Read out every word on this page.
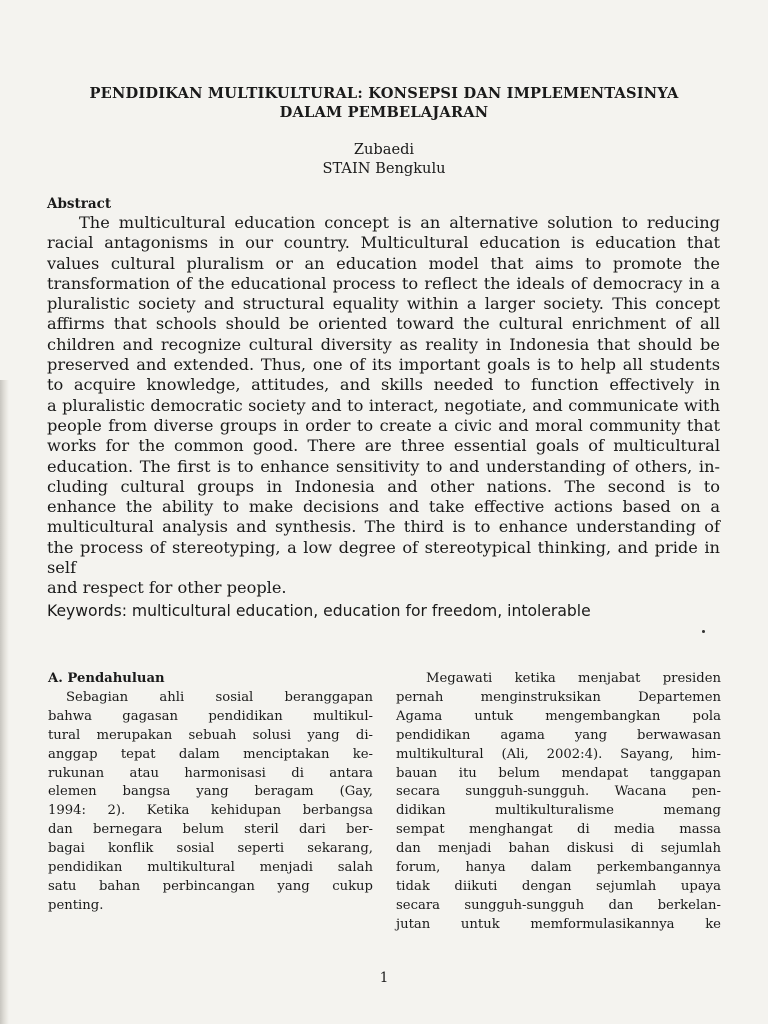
PENDIDIKAN MULTIKULTURAL: KONSEPSI DAN IMPLEMENTASINYA
DALAM PEMBELAJARAN
Zubaedi
STAIN Bengkulu
Abstract
The multicultural education concept is an alternative solution to reducing
racial antagonisms in our country. Multicultural education is education that
values cultural pluralism or an education model that aims to promote the
transformation of the educational process to reflect the ideals of democracy in a
pluralistic society and structural equality within a larger society. This concept
affirms that schools should be oriented toward the cultural enrichment of all
children and recognize cultural diversity as reality in Indonesia that should be
preserved and extended. Thus, one of its important goals is to help all students
to acquire knowledge, attitudes, and skills needed to function effectively in
a pluralistic democratic society and to interact, negotiate, and communicate with
people from diverse groups in order to create a civic and moral community that
works for the common good. There are three essential goals of multicultural
education. The first is to enhance sensitivity to and understanding of others, in-
cluding cultural groups in Indonesia and other nations. The second is to
enhance the ability to make decisions and take effective actions based on a
multicultural analysis and synthesis. The third is to enhance understanding of
the process of stereotyping, a low degree of stereotypical thinking, and pride in self
and respect for other people.
Keywords: multicultural education, education for freedom, intolerable
A. Pendahuluan
Sebagian ahli sosial beranggapan
bahwa gagasan pendidikan multikul-
tural merupakan sebuah solusi yang di-
anggap tepat dalam menciptakan ke-
rukunan atau harmonisasi di antara
elemen bangsa yang beragam (Gay,
1994: 2). Ketika kehidupan berbangsa
dan bernegara belum steril dari ber-
bagai konflik sosial seperti sekarang,
pendidikan multikultural menjadi salah
satu bahan perbincangan yang cukup
penting.
Megawati ketika menjabat presiden
pernah menginstruksikan Departemen
Agama untuk mengembangkan pola
pendidikan agama yang berwawasan
multikultural (Ali, 2002:4). Sayang, him-
bauan itu belum mendapat tanggapan
secara sungguh-sungguh. Wacana pen-
didikan multikulturalisme memang
sempat menghangat di media massa
dan menjadi bahan diskusi di sejumlah
forum, hanya dalam perkembangannya
tidak diikuti dengan sejumlah upaya
secara sungguh-sungguh dan berkelan-
jutan untuk memformulasikannya ke
1
